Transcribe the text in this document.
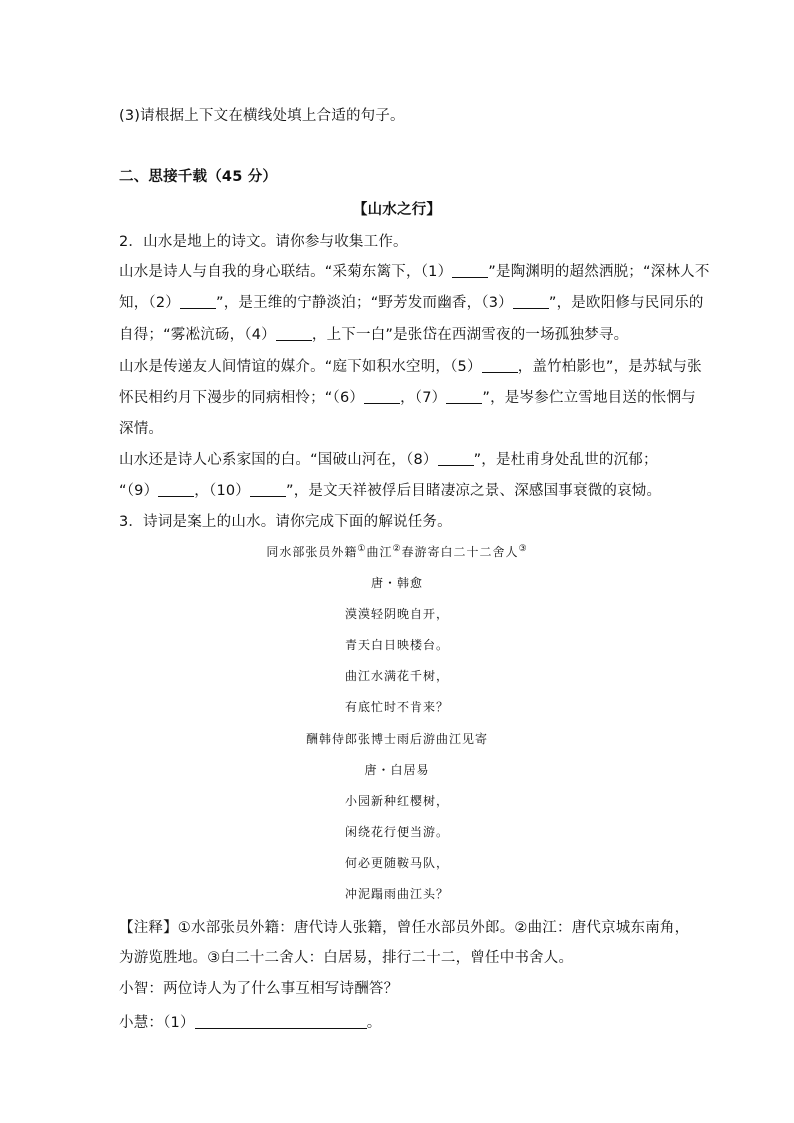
(3)请根据上下文在横线处填上合适的句子。
二、思接千载（45 分）
【山水之行】
2．山水是地上的诗文。请你参与收集工作。
山水是诗人与自我的身心联结。“采菊东篱下，（1） ”是陶渊明的超然洒脱；“深林人不
知，（2） ”，是王维的宁静淡泊；“野芳发而幽香，（3） ”，是欧阳修与民同乐的
自得；“雾凇沆砀，（4） ，上下一白”是张岱在西湖雪夜的一场孤独梦寻。
山水是传递友人间情谊的媒介。“庭下如积水空明，（5） ，盖竹柏影也”，是苏轼与张
怀民相约月下漫步的同病相怜；“（6） ，（7） ”，是岑参伫立雪地目送的怅惘与
深情。
山水还是诗人心系家国的白。“国破山河在，（8） ”，是杜甫身处乱世的沉郁；
“（9） ，（10） ”，是文天祥被俘后目睹凄凉之景、深感国事衰微的哀恸。
3．诗词是案上的山水。请你完成下面的解说任务。
同水部张员外籍①曲江②春游寄白二十二舍人③
唐・韩愈
漠漠轻阴晚自开，
青天白日映楼台。
曲江水满花千树，
有底忙时不肯来？
酬韩侍郎张博士雨后游曲江见寄
唐・白居易
小园新种红樱树，
闲绕花行便当游。
何必更随鞍马队，
冲泥蹋雨曲江头？
【注释】①水部张员外籍：唐代诗人张籍，曾任水部员外郎。②曲江：唐代京城东南角，
为游览胜地。③白二十二舍人：白居易，排行二十二，曾任中书舍人。
小智：两位诗人为了什么事互相写诗酬答？
小慧：（1）	。
